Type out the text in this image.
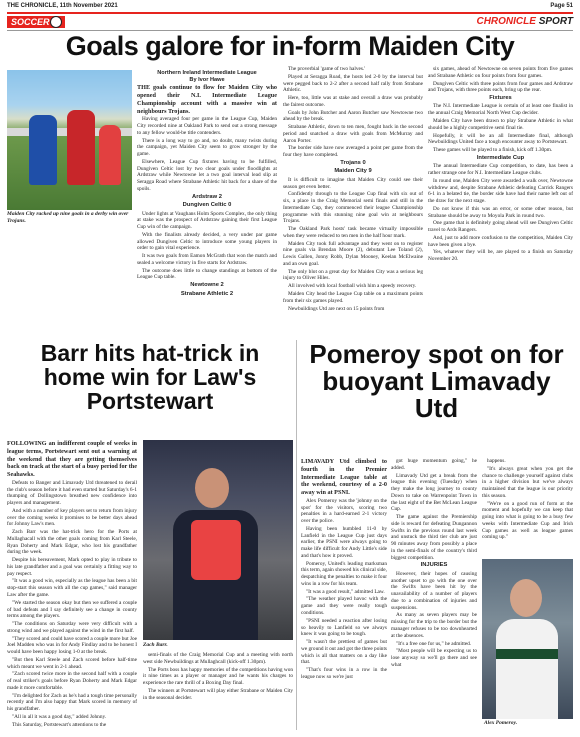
THE CHRONICLE, 11th November 2021	Page 51
SOCCER	CHRONICLE SPORT
Goals galore for in-form Maiden City
Maiden City racked up nine goals in a derby win over Trojans.
Northern Ireland Intermediate League
By Ivor Hawe

THE goals continue to flow for Maiden City who opened their N.I. Intermediate League Championship account with a massive win at neighbours Trojans.

Having averaged four per game in the League Cup, Maiden City recorded nine at Oakland Park to send out a strong message to any fellow would-be title contenders.

There is a long way to go and, no doubt, many twists during the campaign, yet Maiden City seem to grow stronger by the game.

Elsewhere, League Cup fixtures having to be fulfilled, Dungiven Celtic lost by two clear goals under floodlights at Ardstraw while Newtowne let a two goal interval lead slip at Seragga Road where Strabane Athletic hit back for a share of the spoils.

Ardstraw 2
Dungiven Celtic 0

Under lights at Vaughans Holm Sports Complex, the only thing at stake was the prospect of Ardstraw gaining their first League Cup win of the campaign.

With the finalists already decided, a very under par game allowed Dungiven Celtic to introduce some young players in order to gain vital experience.

It was two goals from Eamon McGrath that won the match and sealed a welcome victory in five starts for Ardstraw.

The outcome does little to change standings at bottom of the League Cup table.

Newtowne 2
Strabane Athletic 2

The proverbial 'game of two halves.'

Played at Seragga Road, the hosts led 2-0 by the interval but were pegged back to 2-2 after a second half rally from Strabane Athletic.

Here, too, little was at stake and overall a draw was probably the fairest outcome.

Goals by John Butcher and Aaron Butcher saw Newtowne two ahead by the break.

Strabane Athletic, down to ten men, fought back in the second period and snatched a draw with goals from McMurray and Aaron Porter.

The border side have now averaged a point per game from the four they have completed.

Trojans 0
Maiden City 9

It is difficult to imagine that Maiden City could see their season get even better.

Confidently through to the League Cup final with six out of six, a place in the Craig Memorial semi finals and still in the Intermediate Cup, they commenced their league Championship programme with this stunning nine goal win at neighbours Trojans.

The Oakland Park hosts' task became virtually impossible when they were reduced to ten men in the half hour mark.

Maiden City took full advantage and they went on to register nine goals via Brendan Moore (2), debutant Lee Toland (2), Lewis Gallen, Jonny Robb, Dylan Mooney, Keelan McElwaine and an own goal.

The only blot on a great day for Maiden City was a serious leg injury to Oliver Hiles.

All involved with local football wish him a speedy recovery.

Maiden City head the League Cup table on a maximum points from their six games played.

Newbuildings Utd are next on 15 points from

six games, ahead of Newtowne on seven points from five games and Strabane Athletic on four points from four games.

Dungiven Celtic with three points from four games and Ardstraw and Trojans, with three points each, bring up the rear.

Fixtures

The N.I. Intermediate League is certain of at least one finalist in the annual Craig Memorial North West Cup decider.

Maiden City have been drawn to play Strabane Athletic in what should be a highly competitive semi final tie.

Hopefully, it will be an all Intermediate final, although Newbuildings United face a tough encounter away to Portstewart.

These games will be played to a finish, kick off 1.30pm.

Intermediate Cup

The annual Intermediate Cup competition, to date, has been a rather strange one for N.I. Intermediate League clubs.

In round one, Maiden City were awarded a walk over, Newtowne withdrew and, despite Strabane Athletic defeating Carrick Rangers 6-1 in a belated tie, the border side have had their name left out of the draw for the next stage.

Do not know if this was an error, or some other reason, but Strabane should be away to Moyola Park in round two.

One game that is definitely going ahead will see Dungiven Celtic travel to Ards Rangers.

And, just to add more confusion to the competition, Maiden City have been given a bye.

Yes, whatever they will be, are played to a finish on Saturday November 20.

Barr hits hat-trick in home win for Law's Portstewart
Pomeroy spot on for buoyant Limavady Utd

FOLLOWING an indifferent couple of weeks in league terms, Portstewart sent out a warning at the weekend that they are getting themselves back on track at the start of a busy period for the Seahawks.

Defeats to Banger and Limavady Utd threatened to derail the club's season before it had even started but Saturday's 6-1 thumping of Dollingstown breathed new confidence into players and management.

And with a number of key players set to return from injury over the coming weeks it promises to be better days ahead for Johnny Law's men.

Zach Barr was the hat-trick hero for the Ports at Mullaghacall with the other goals coming from Karl Steele, Ryan Doherty and Mark Edgar, who lost his grandfather during the week.

Despite his bereavement, Mark opted to play in tribute to his late grandfather and a goal was certainly a fitting way to pay respect.

"It was a good win, especially as the league has been a bit stop-start this season with all the cup games," said manager Law after the game.

"We started the season okay but then we suffered a couple of bad defeats and I say definitely see a change in county terms among the players.

"The conditions on Saturday were very difficult with a strong wind and we played against the wind in the first half.

"They scored and could have scored a couple more but Joe Joel Madden who was in for Andy Findlay and to be honest I would have been happy losing 1-0 at the break.

"But then Karl Steele and Zach scored before half-time which meant we went in 2-1 ahead.

"Zach scored twice more in the second half with a couple of real striker's goals before Ryan Doherty and Mark Edgar made it more comfortable.

"I'm delighted for Zach as he's had a tough time personally recently and I'm also happy that Mark scored in memory of his grandfather.

"All in all it was a good day," added Johnny.

This Saturday, Portstewart's attentions to the

Zach Barr.

semi-finals of the Craig Memorial Cup and a meeting with north west side Newbuildings at Mullaghcall (kick-off 1.30pm).

The Ports boss has happy memories of the competitions having won it nine times as a player or manager and he wants his charges to experience the rare thrill of a Boxing Day final.

The winners at Portstewart will play either Strabane or Maiden City in the seasonal decider.

LIMAVADY Utd climbed to fourth in the Premier Intermediate League table at the weekend, courtesy of a 2-0 away win at PSNI.

Alex Pomeroy was the 'johnny on the spot' for the visitors, scoring two penalties in a hard-earned 2-1 victory over the police.

Having been humbled 11-0 by Lanfield in the League Cup just days earlier, the PSNI were always going to make life difficult for Andy Little's side and that's how it proved.

Pomeroy, United's leading marksman this term, again showed his clinical side, despatching the penalties to make it four wins in a row for his team.

"It was a good result," admitted Law.

"The weather played havoc with the game and they were really tough conditions.

"PSNI needed a reaction after losing so heavily to Lanfield so we always knew it was going to be tough.

"It wasn't the prettiest of games but we ground it out and got the three points which is all that matters on a day like that.

"That's four wins in a row in the league now so we're just

got huge momentum going," he added.

Limavady Utd get a break from the league this evening (Tuesday) when they make the long journey to county Down to take on Warrenpoint Town in the last eight of the Bet McLean League Cup.

The game against the Premiership side is reward for defeating Dungannon Swifts in the previous round last week and unstuck the third tier club are just 90 minutes away from possibly a place in the semi-finals of the country's third biggest competition.

INJURIES

However, their hopes of causing another upset to go with the one over the Swifts have been hit by the unavailability of a number of players due to a combination of injuries and suspensions.

As many as seven players may be missing for the trip to the border but the manager refuses to be too downhearted at the absences.

"It's a free one for us," he admitted.

"Most people will be expecting us to lose anyway so we'll go there and see what

happens.

"It's always great when you get the chance to challenge yourself against clubs in a higher division but we've always maintained that the league is our priority this season.

"We're on a good run of form at the moment and hopefully we can keep that going into what is going to be a busy few weeks with Intermediate Cup and Irish Cup games as well as league games coming up."

Alex Pomeroy.
